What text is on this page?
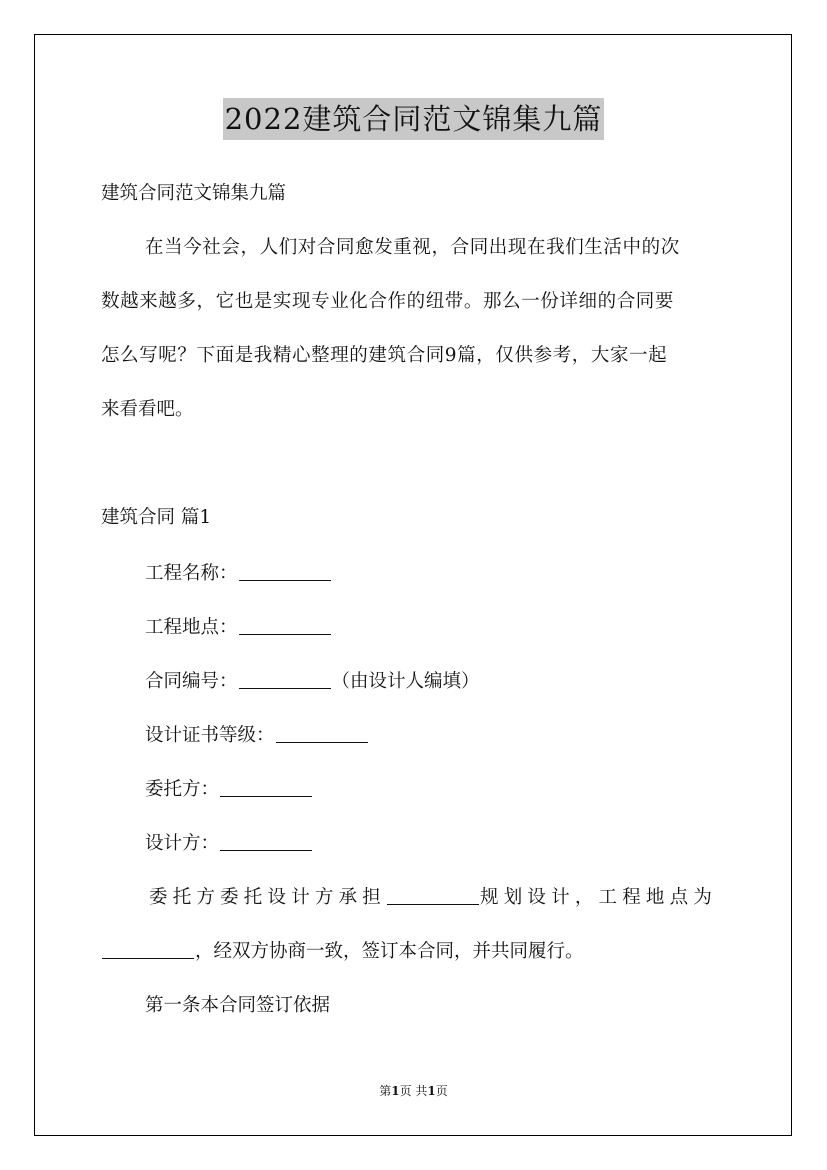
2022建筑合同范文锦集九篇
建筑合同范文锦集九篇
在当今社会，人们对合同愈发重视，合同出现在我们生活中的次
数越来越多，它也是实现专业化合作的纽带。那么一份详细的合同要
怎么写呢？下面是我精心整理的建筑合同9篇，仅供参考，大家一起
来看看吧。
建筑合同 篇1
工程名称：
工程地点：
合同编号：	（由设计人编填）
设计证书等级：
委托方：
设计方：
委托方委托设计方承担	规划设计，工程地点为
，经双方协商一致，签订本合同，并共同履行。
第一条本合同签订依据
第1页 共1页
